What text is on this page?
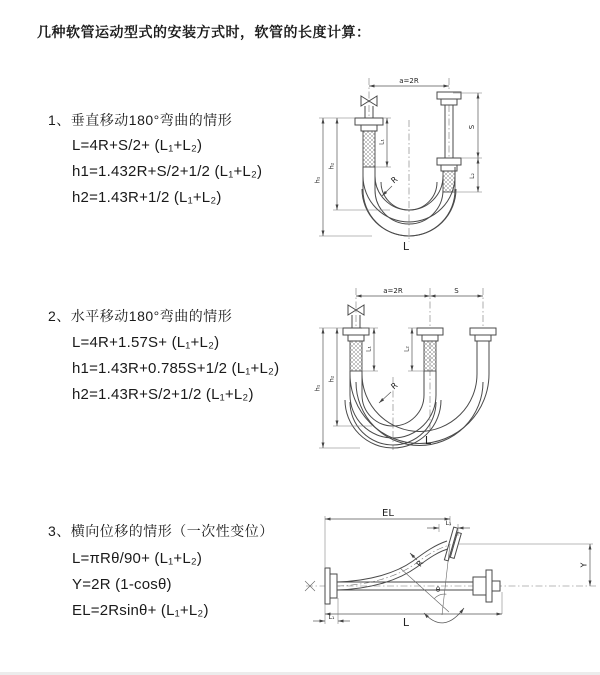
几种软管运动型式的安装方式时，软管的长度计算：
1、垂直移动180°弯曲的情形
L=4R+S/2+ (L₁+L₂)
h1=1.432R+S/2+1/2 (L₁+L₂)
h2=1.43R+1/2 (L₁+L₂)
2、水平移动180°弯曲的情形
L=4R+1.57S+ (L₁+L₂)
h1=1.43R+0.785S+1/2 (L₁+L₂)
h2=1.43R+S/2+1/2 (L₁+L₂)
3、横向位移的情形（一次性变位）
L=πRθ/90+ (L₁+L₂)
Y=2R (1-cosθ)
EL=2Rsinθ+ (L₁+L₂)
a=2R
S
L₂
L₁
h₁
h₂
R
L
a=2R	S
L₁	L₂
h₁
h₂
R
L
EL
L₁
Y
θ
R
L
L₁
